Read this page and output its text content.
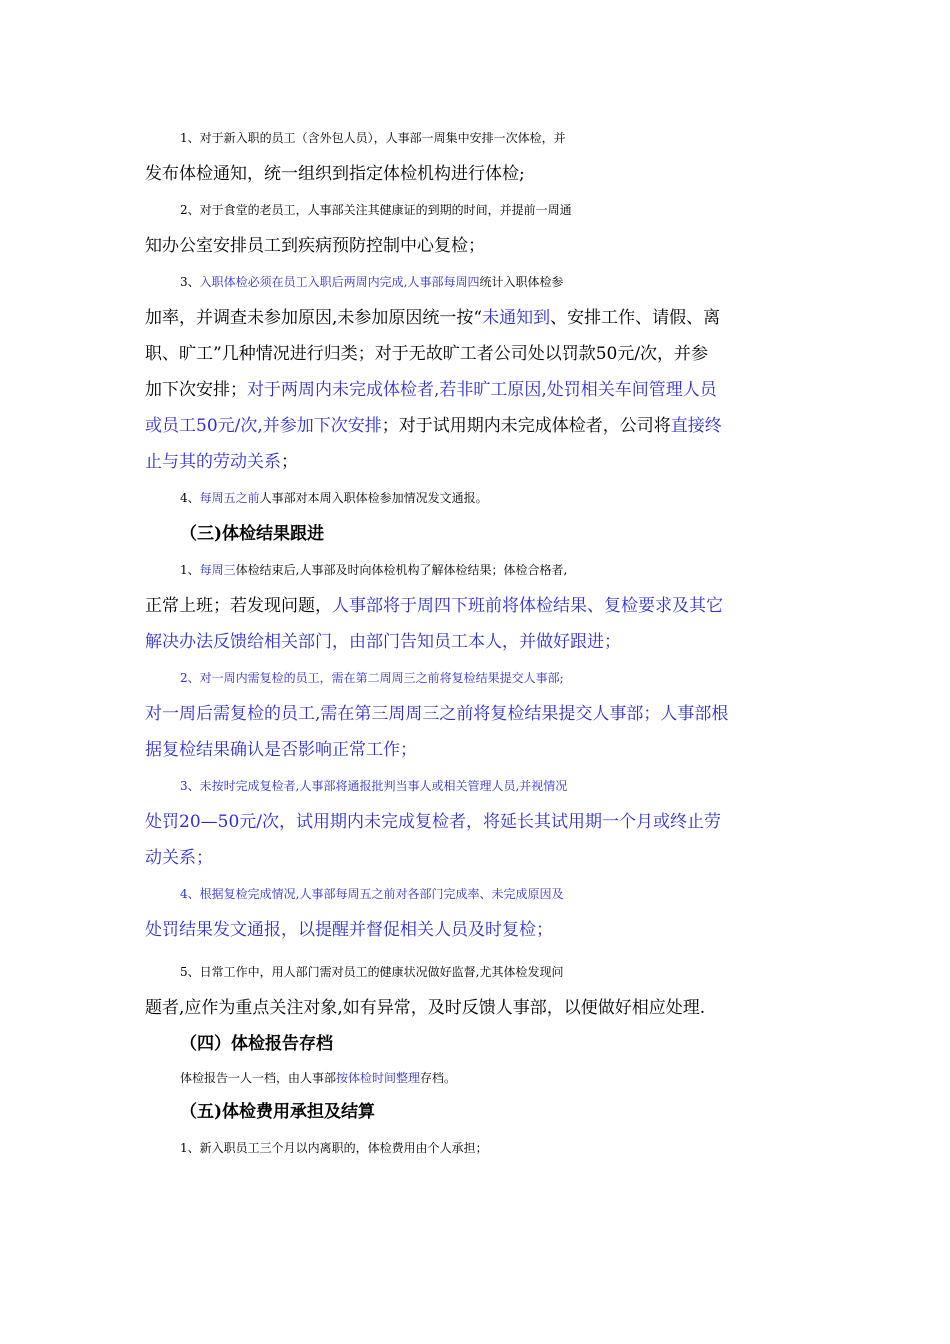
1、对于新入职的员工（含外包人员），人事部一周集中安排一次体检，并
发布体检通知，统一组织到指定体检机构进行体检;
2、对于食堂的老员工，人事部关注其健康证的到期的时间，并提前一周通
知办公室安排员工到疾病预防控制中心复检；
3、入职体检必须在员工入职后两周内完成,人事部每周四统计入职体检参
加率，并调查未参加原因,未参加原因统一按“未通知到、安排工作、请假、离
职、旷工”几种情况进行归类；对于无故旷工者公司处以罚款50元/次，并参
加下次安排；对于两周内未完成体检者,若非旷工原因,处罚相关车间管理人员
或员工50元/次,并参加下次安排；对于试用期内未完成体检者，公司将直接终
止与其的劳动关系；
4、每周五之前人事部对本周入职体检参加情况发文通报。
（三)体检结果跟进
1、每周三体检结束后,人事部及时向体检机构了解体检结果；体检合格者,
正常上班；若发现问题，人事部将于周四下班前将体检结果、复检要求及其它
解决办法反馈给相关部门，由部门告知员工本人，并做好跟进；
2、对一周内需复检的员工，需在第二周周三之前将复检结果提交人事部;
对一周后需复检的员工,需在第三周周三之前将复检结果提交人事部；人事部根
据复检结果确认是否影响正常工作；
3、未按时完成复检者,人事部将通报批判当事人或相关管理人员,并视情况
处罚20—50元/次，试用期内未完成复检者，将延长其试用期一个月或终止劳
动关系；
4、根据复检完成情况,人事部每周五之前对各部门完成率、未完成原因及
处罚结果发文通报，以提醒并督促相关人员及时复检；
5、日常工作中，用人部门需对员工的健康状况做好监督,尤其体检发现问
题者,应作为重点关注对象,如有异常，及时反馈人事部，以便做好相应处理.
（四）体检报告存档
体检报告一人一档，由人事部按体检时间整理存档。
（五)体检费用承担及结算
1、新入职员工三个月以内离职的，体检费用由个人承担；
